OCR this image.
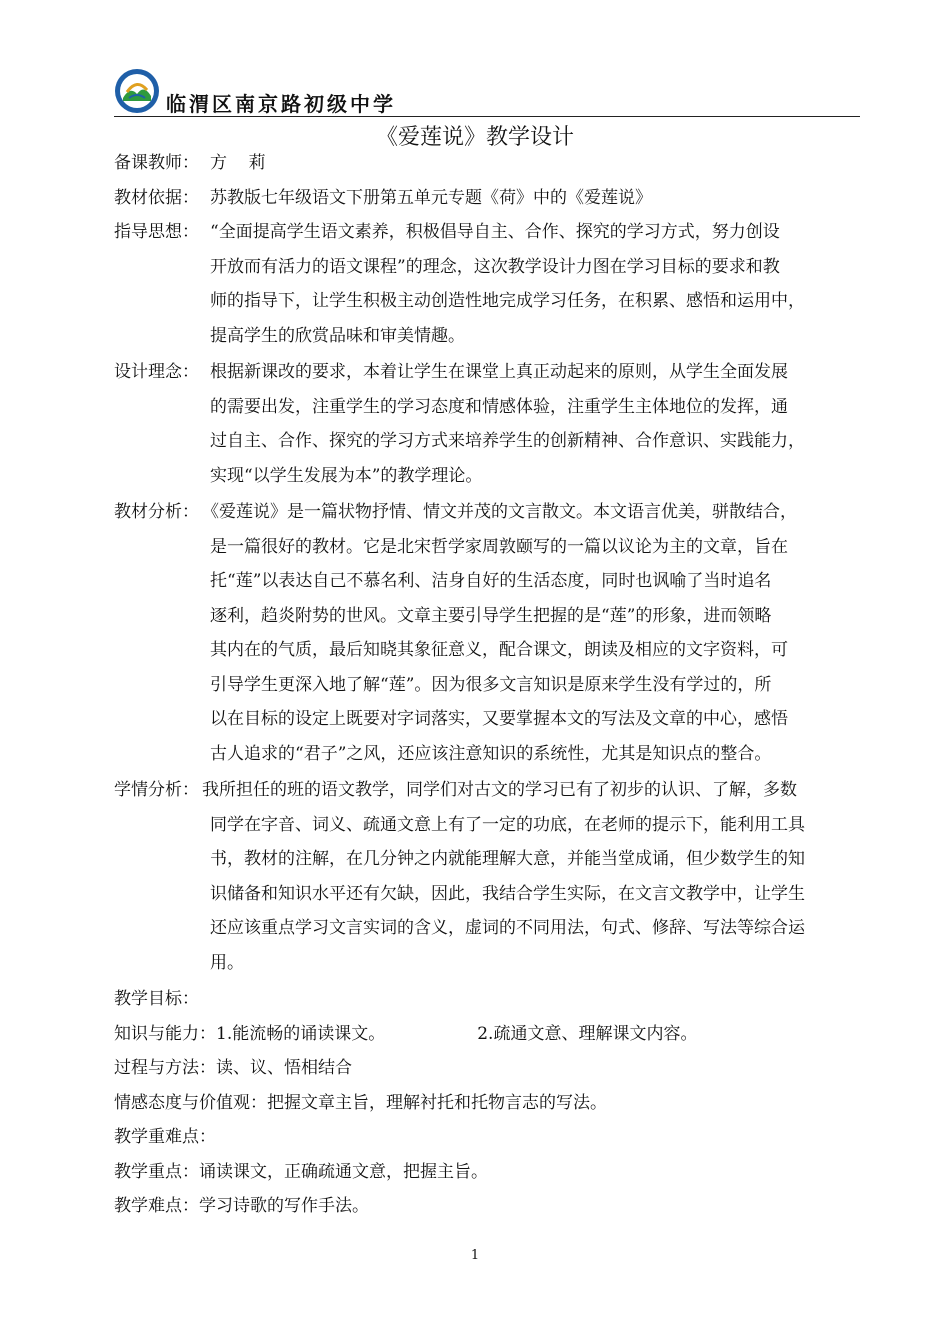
临渭区南京路初级中学
《爱莲说》教学设计
备课教师： 方    莉
教材依据： 苏教版七年级语文下册第五单元专题《荷》中的《爱莲说》
指导思想： “全面提高学生语文素养，积极倡导自主、合作、探究的学习方式，努力创设
开放而有活力的语文课程”的理念，这次教学设计力图在学习目标的要求和教
师的指导下，让学生积极主动创造性地完成学习任务，在积累、感悟和运用中，
提高学生的欣赏品味和审美情趣。
设计理念： 根据新课改的要求，本着让学生在课堂上真正动起来的原则，从学生全面发展
的需要出发，注重学生的学习态度和情感体验，注重学生主体地位的发挥，通
过自主、合作、探究的学习方式来培养学生的创新精神、合作意识、实践能力，
实现“以学生发展为本”的教学理论。
教材分析： 《爱莲说》是一篇状物抒情、情文并茂的文言散文。本文语言优美，骈散结合，
是一篇很好的教材。它是北宋哲学家周敦颐写的一篇以议论为主的文章，旨在
托“莲”以表达自己不慕名利、洁身自好的生活态度，同时也讽喻了当时追名
逐利，趋炎附势的世风。文章主要引导学生把握的是“莲”的形象，进而领略
其内在的气质，最后知晓其象征意义，配合课文，朗读及相应的文字资料，可
引导学生更深入地了解“莲”。因为很多文言知识是原来学生没有学过的，所
以在目标的设定上既要对字词落实，又要掌握本文的写法及文章的中心，感悟
古人追求的“君子”之风，还应该注意知识的系统性，尤其是知识点的整合。
学情分析： 我所担任的班的语文教学，同学们对古文的学习已有了初步的认识、了解，多数
同学在字音、词义、疏通文意上有了一定的功底，在老师的提示下，能利用工具
书，教材的注解，在几分钟之内就能理解大意，并能当堂成诵，但少数学生的知
识储备和知识水平还有欠缺，因此，我结合学生实际，在文言文教学中，让学生
还应该重点学习文言实词的含义，虚词的不同用法，句式、修辞、写法等综合运
用。
教学目标：
知识与能力：1.能流畅的诵读课文。	2.疏通文意、理解课文内容。
过程与方法：读、议、悟相结合
情感态度与价值观：把握文章主旨，理解衬托和托物言志的写法。
教学重难点：
教学重点：诵读课文，正确疏通文意，把握主旨。
教学难点：学习诗歌的写作手法。
1
